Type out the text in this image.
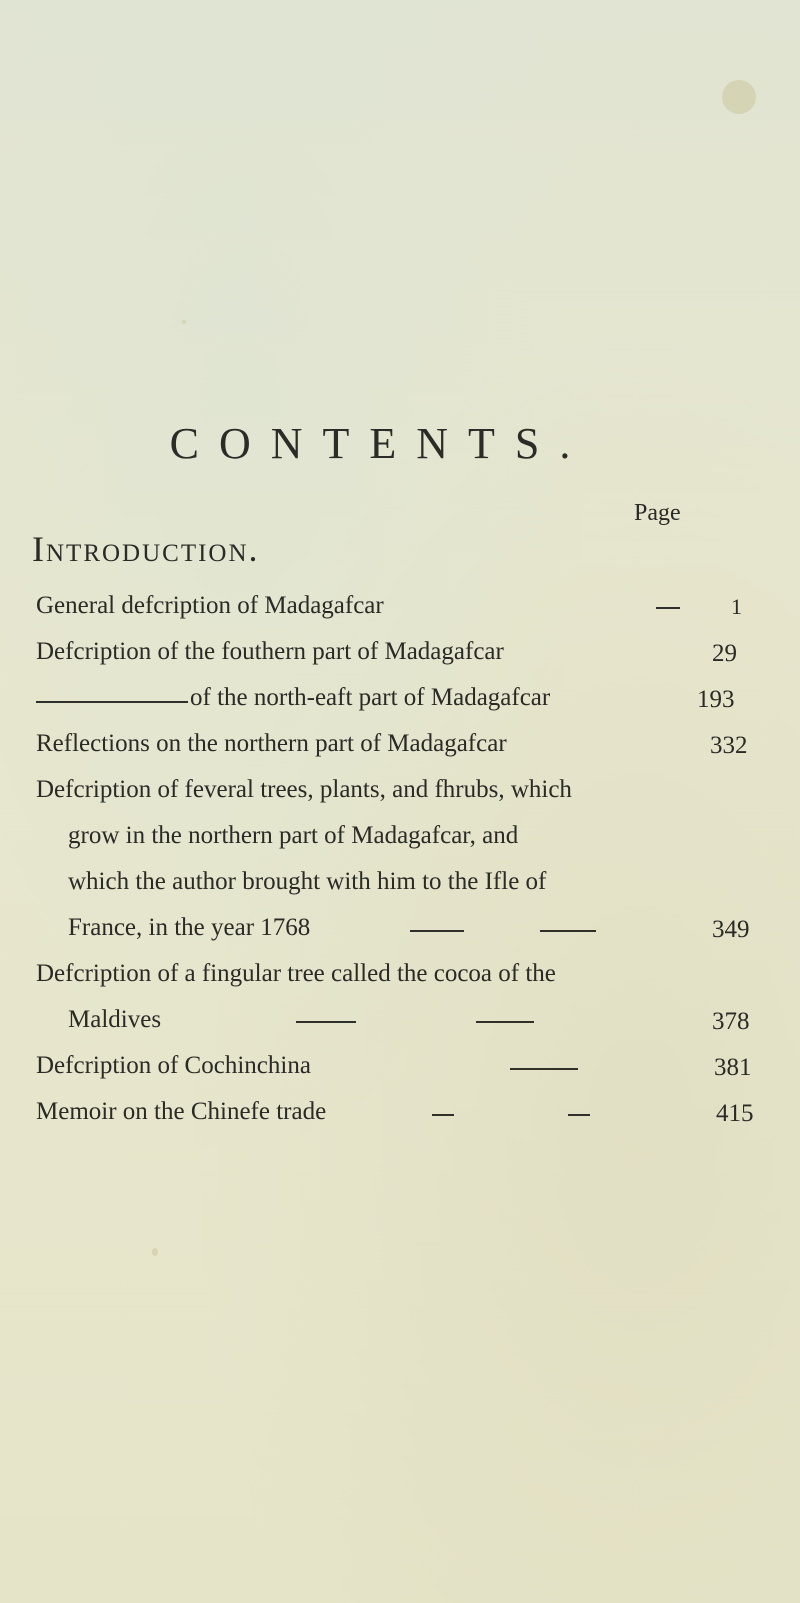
CONTENTS.
Page
Introduction.
General defcription of Madagafcar	1
Defcription of the fouthern part of Madagafcar	29
of the north-eaft part of Madagafcar	193
Reflections on the northern part of Madagafcar	332
Defcription of feveral trees, plants, and fhrubs, which
grow in the northern part of Madagafcar, and
which the author brought with him to the Ifle of
France, in the year 1768	349
Defcription of a fingular tree called the cocoa of the
Maldives	378
Defcription of Cochinchina	381
Memoir on the Chinefe trade	415
